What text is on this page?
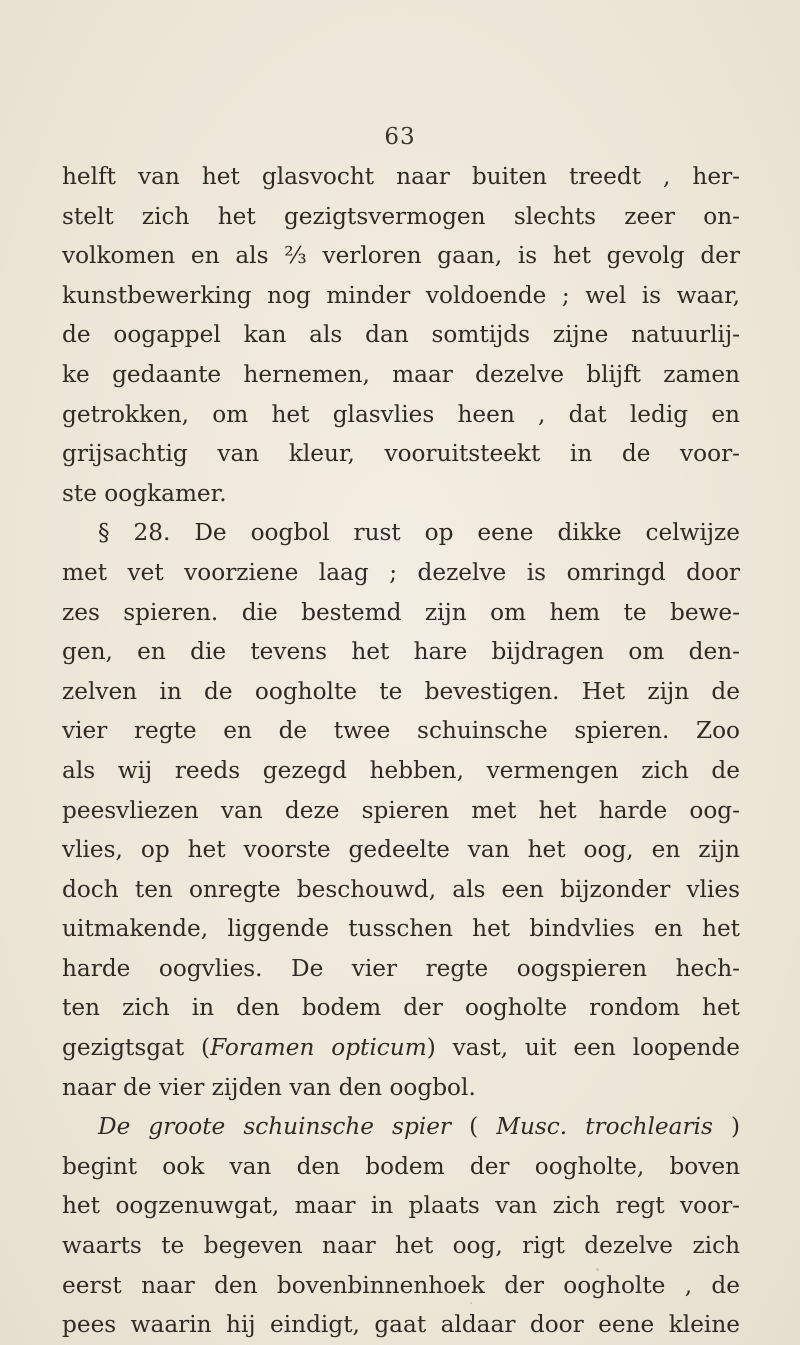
63
helft van het glasvocht naar buiten treedt , her-
stelt zich het gezigtsvermogen slechts zeer on-
volkomen en als ⅔ verloren gaan, is het gevolg der
kunstbewerking nog minder voldoende ; wel is waar,
de oogappel kan als dan somtijds zijne natuurlij-
ke gedaante hernemen, maar dezelve blijft zamen
getrokken, om het glasvlies heen , dat ledig en
grijsachtig van kleur, vooruitsteekt in de voor-
ste oogkamer.
§ 28. De oogbol rust op eene dikke celwijze
met vet voorziene laag ; dezelve is omringd door
zes spieren. die bestemd zijn om hem te bewe-
gen, en die tevens het hare bijdragen om den-
zelven in de oogholte te bevestigen. Het zijn de
vier regte en de twee schuinsche spieren. Zoo
als wij reeds gezegd hebben, vermengen zich de
peesvliezen van deze spieren met het harde oog-
vlies, op het voorste gedeelte van het oog, en zijn
doch ten onregte beschouwd, als een bijzonder vlies
uitmakende, liggende tusschen het bindvlies en het
harde oogvlies. De vier regte oogspieren hech-
ten zich in den bodem der oogholte rondom het
gezigtsgat (Foramen opticum) vast, uit een loopende
naar de vier zijden van den oogbol.
De groote schuinsche spier ( Musc. trochlearis )
begint ook van den bodem der oogholte, boven
het oogzenuwgat, maar in plaats van zich regt voor-
waarts te begeven naar het oog, rigt dezelve zich
eerst naar den bovenbinnenhoek der oogholte , de
pees waarin hij eindigt, gaat aldaar door eene kleine
